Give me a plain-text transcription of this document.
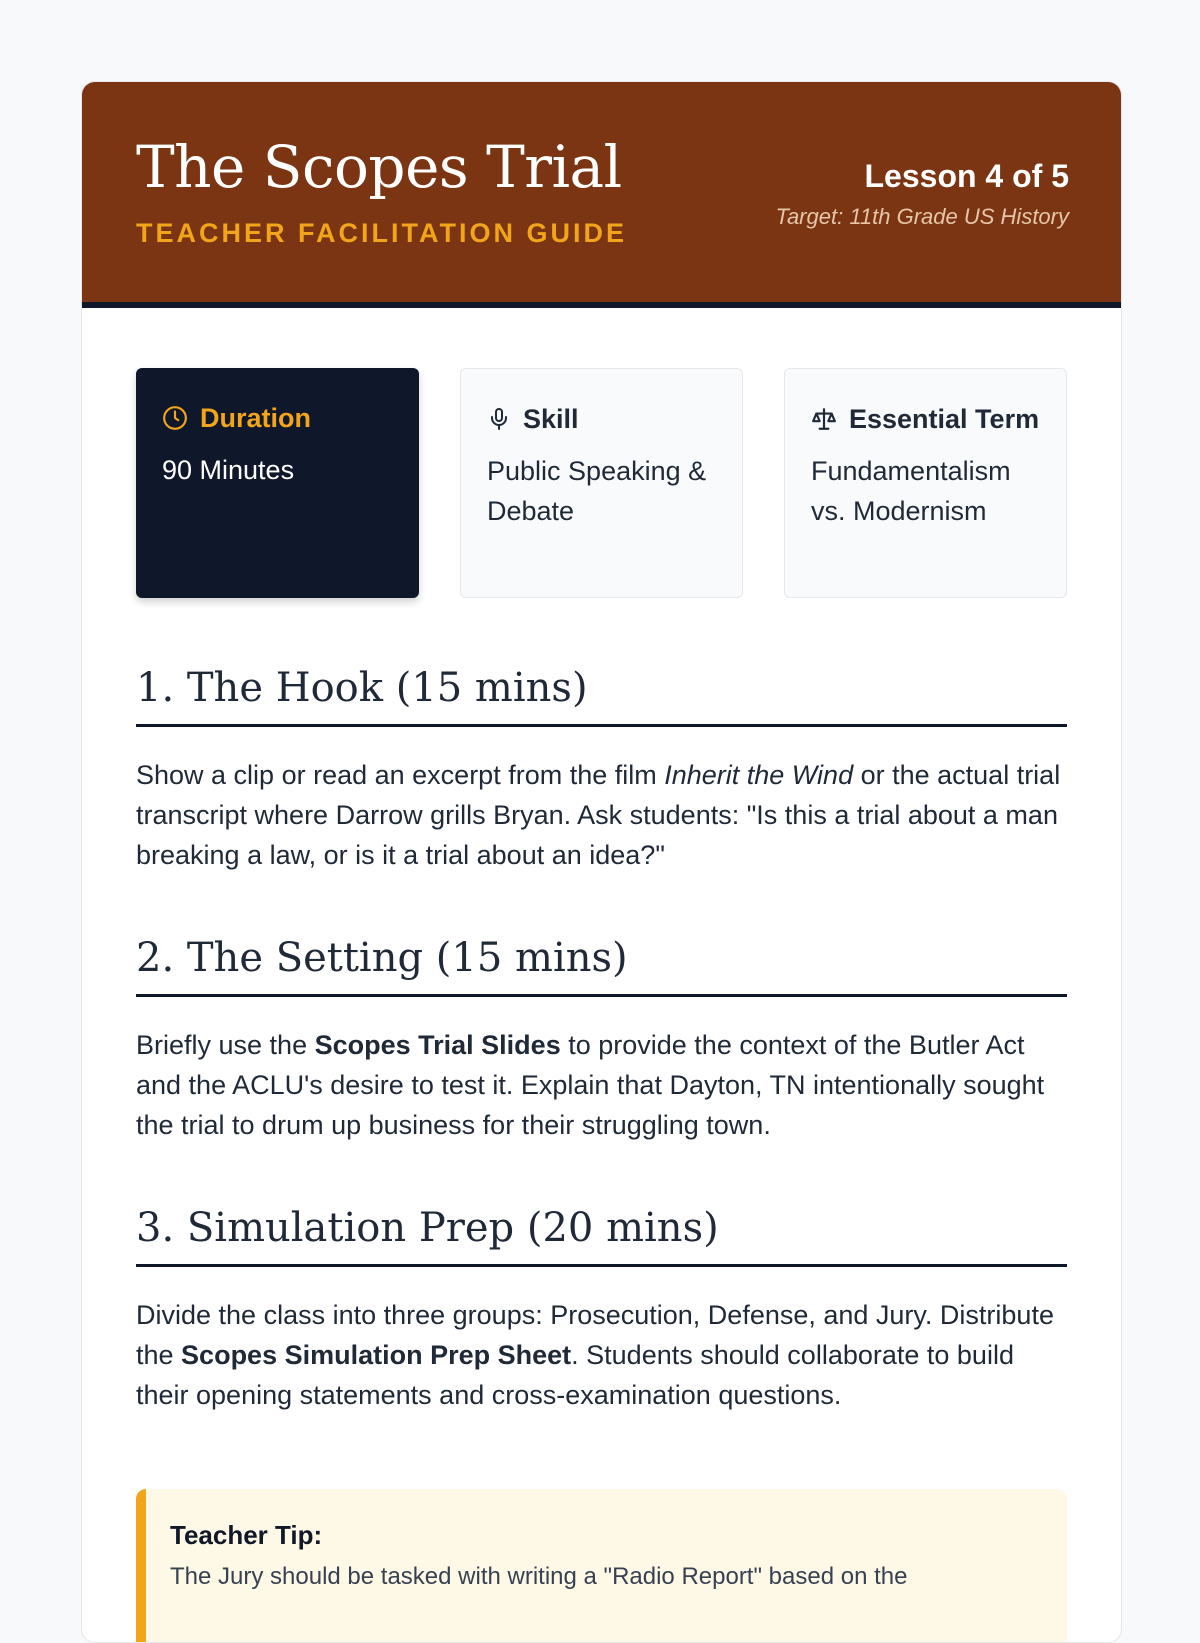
The Scopes Trial
TEACHER FACILITATION GUIDE
Lesson 4 of 5
Target: 11th Grade US History
Duration
90 Minutes
Skill
Public Speaking & Debate
Essential Term
Fundamentalism vs. Modernism
1. The Hook (15 mins)

Show a clip or read an excerpt from the film Inherit the Wind or the actual trial transcript where Darrow grills Bryan. Ask students: "Is this a trial about a man breaking a law, or is it a trial about an idea?"

2. The Setting (15 mins)

Briefly use the Scopes Trial Slides to provide the context of the Butler Act and the ACLU's desire to test it. Explain that Dayton, TN intentionally sought the trial to drum up business for their struggling town.

3. Simulation Prep (20 mins)

Divide the class into three groups: Prosecution, Defense, and Jury. Distribute the Scopes Simulation Prep Sheet. Students should collaborate to build their opening statements and cross-examination questions.

Teacher Tip:
The Jury should be tasked with writing a "Radio Report" based on the
